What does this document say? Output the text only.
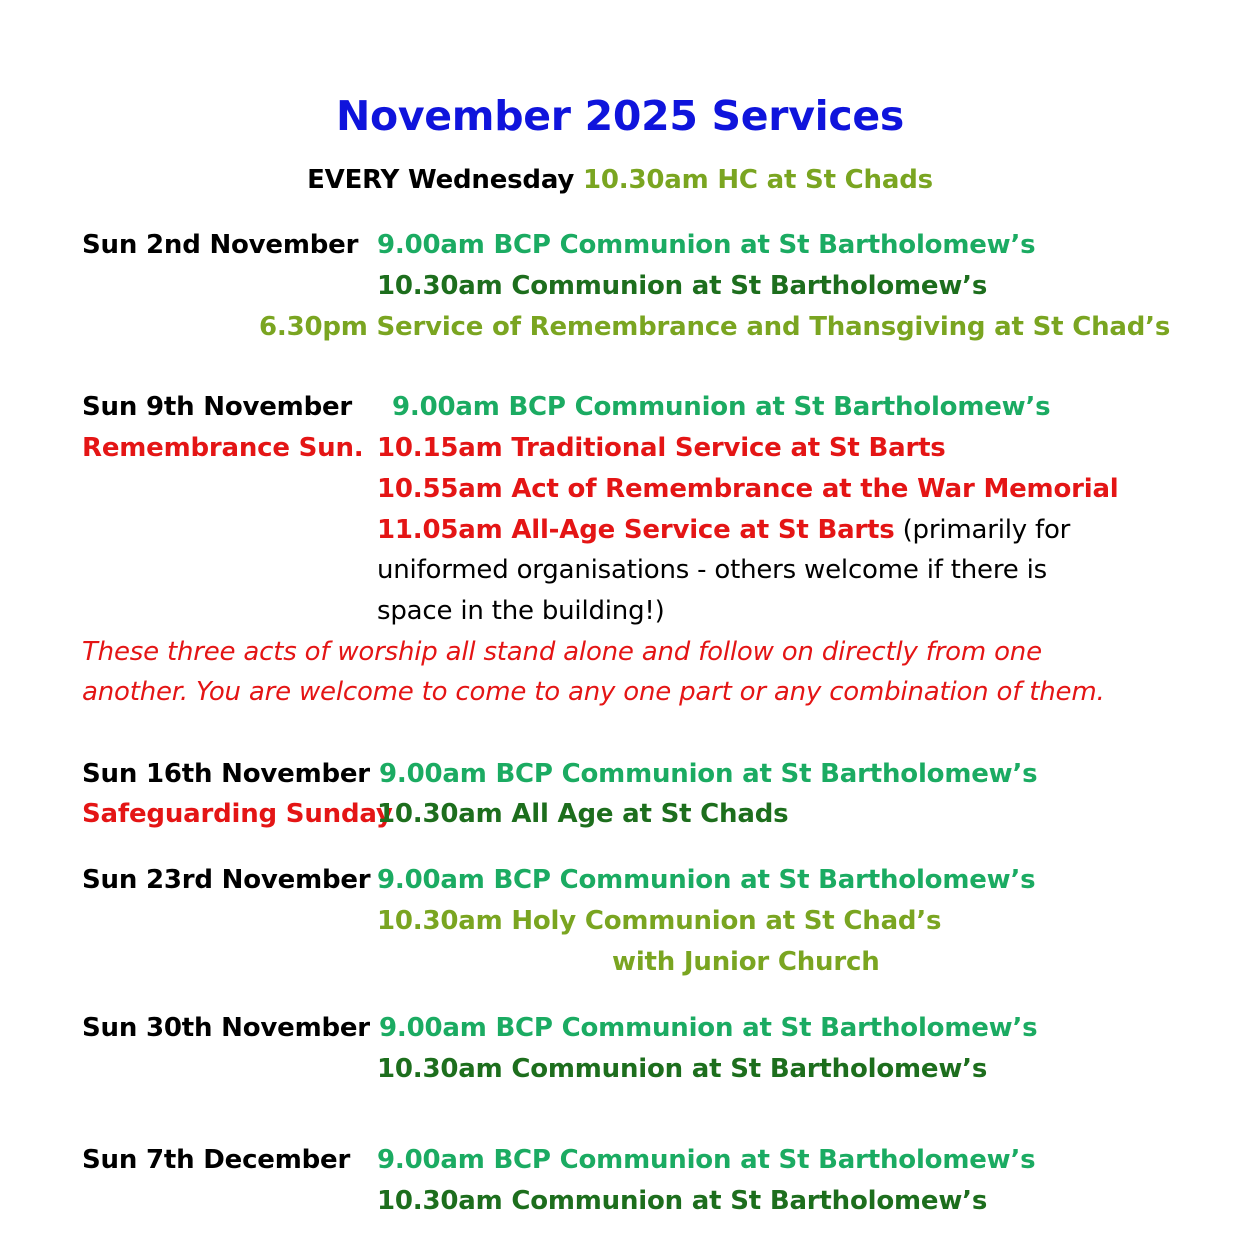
November 2025 Services
EVERY Wednesday 10.30am HC at St Chads
Sun 2nd November 9.00am BCP Communion at St Bartholomew’s
10.30am Communion at St Bartholomew’s
6.30pm Service of Remembrance and Thansgiving at St Chad’s
Sun 9th November 9.00am BCP Communion at St Bartholomew’s
Remembrance Sun. 10.15am Traditional Service at St Barts
10.55am Act of Remembrance at the War Memorial
11.05am All-Age Service at St Barts (primarily for
uniformed organisations - others welcome if there is
space in the building!)
These three acts of worship all stand alone and follow on directly from one
another. You are welcome to come to any one part or any combination of them.
Sun 16th November 9.00am BCP Communion at St Bartholomew’s
Safeguarding Sunday
10.30am All Age at St Chads
Sun 23rd November 9.00am BCP Communion at St Bartholomew’s
10.30am Holy Communion at St Chad’s
with Junior Church
Sun 30th November 9.00am BCP Communion at St Bartholomew’s
10.30am Communion at St Bartholomew’s
Sun 7th December 9.00am BCP Communion at St Bartholomew’s
10.30am Communion at St Bartholomew’s
